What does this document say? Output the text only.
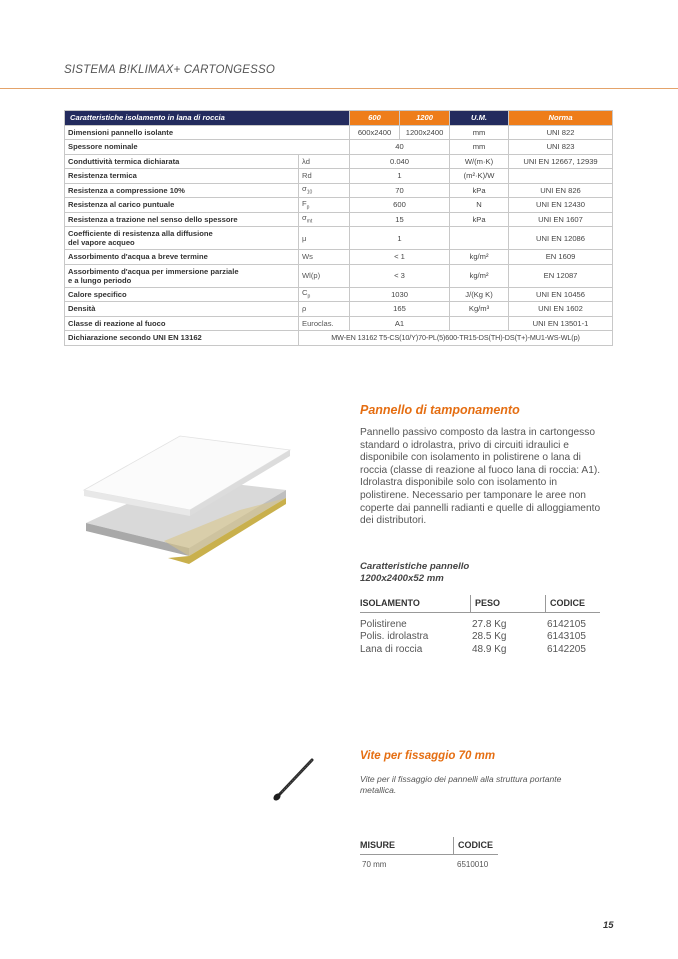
SISTEMA B!KLIMAX+ CARTONGESSO
Caratteristiche isolamento in lana di roccia		600	1200	U.M.	Norma
Dimensioni pannello isolante		600x2400	1200x2400	mm	UNI 822
Spessore nominale		40		mm	UNI 823
Conduttività termica dichiarata	λd	0.040		W/(m·K)	UNI EN 12667, 12939
Resistenza termica	Rd	1		(m²·K)/W	
Resistenza a compressione 10%	$\sigma_{10}$	70		kPa	UNI EN 826
Resistenza al carico puntuale	$F_p$	600		N	UNI EN 12430
Resistenza a trazione nel senso dello spessore	$\sigma_{mt}$	15		kPa	UNI EN 1607
Coefficiente di resistenza alla diffusione
del vapore acqueo	μ	1			UNI EN 12086
Assorbimento d'acqua a breve termine	Ws	< 1		kg/m²	EN 1609
Assorbimento d'acqua per immersione parziale
e a lungo periodo	Wl(p)	< 3		kg/m²	EN 12087
Calore specifico	$C_p$	1030		J/(Kg K)	UNI EN 10456
Densità	ρ	165		Kg/m³	UNI EN 1602
Classe di reazione al fuoco	Euroclas.	A1			UNI EN 13501-1
Dichiarazione secondo UNI EN 13162	MW-EN 13162 T5-CS(10/Y)70-PL(5)600-TR15-DS(TH)-DS(T+)-MU1-WS-WL(p)				
Pannello di tamponamento
Pannello passivo composto da lastra in cartongesso standard o idrolastra, privo di circuiti idraulici e disponibile con isolamento in polistirene o lana di roccia (classe di reazione al fuoco lana di roccia: A1). Idrolastra disponibile solo con isolamento in polistirene. Necessario per tamponare le aree non coperte dai pannelli radianti e quelle di alloggiamento dei distributori.
Caratteristiche pannello
1200x2400x52 mm
ISOLAMENTO	PESO	CODICE
Polistirene	27.8 Kg	6142105
Polis. idrolastra	28.5 Kg	6143105
Lana di roccia	48.9 Kg	6142205
Vite per fissaggio 70 mm
Vite per il fissaggio dei pannelli alla struttura portante metallica.
MISURE	CODICE
70 mm	6510010
15
